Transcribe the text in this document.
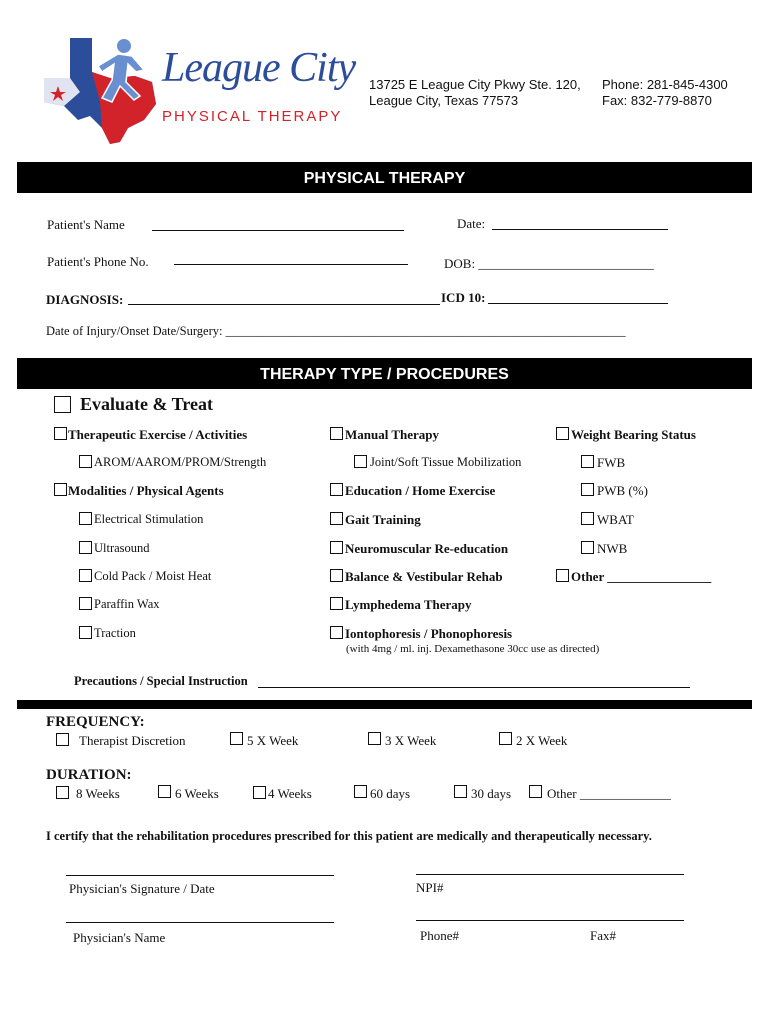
League City
PHYSICAL THERAPY
13725 E League City Pkwy Ste. 120,
League City, Texas 77573
Phone: 281-845-4300
Fax: 832-779-8870
PHYSICAL THERAPY
Patient's Name	Date:
Patient's Phone No.	DOB: ___________________________
DIAGNOSIS:	ICD 10:
Date of Injury/Onset Date/Surgery: ________________________________________________________________
THERAPY TYPE / PROCEDURES
Evaluate & Treat
Therapeutic Exercise / Activities
AROM/AAROM/PROM/Strength
Modalities / Physical Agents
Electrical Stimulation
Ultrasound
Cold Pack / Moist Heat
Paraffin Wax
Traction
Manual Therapy
Joint/Soft Tissue Mobilization
Education / Home Exercise
Gait Training
Neuromuscular Re-education
Balance & Vestibular Rehab
Lymphedema Therapy
Iontophoresis / Phonophoresis
(with 4mg / ml. inj. Dexamethasone 30cc use as directed)
Weight Bearing Status
FWB
PWB (%)
WBAT
NWB
Other ________________
Precautions / Special Instruction
FREQUENCY:
Therapist Discretion	5 X Week	3 X Week	2 X Week
DURATION:
8 Weeks	6 Weeks	4 Weeks	60 days	30 days	Other ______________
I certify that the rehabilitation procedures prescribed for this patient are medically and therapeutically necessary.
Physician's Signature / Date	NPI#
Physician's Name	Phone#	Fax#
